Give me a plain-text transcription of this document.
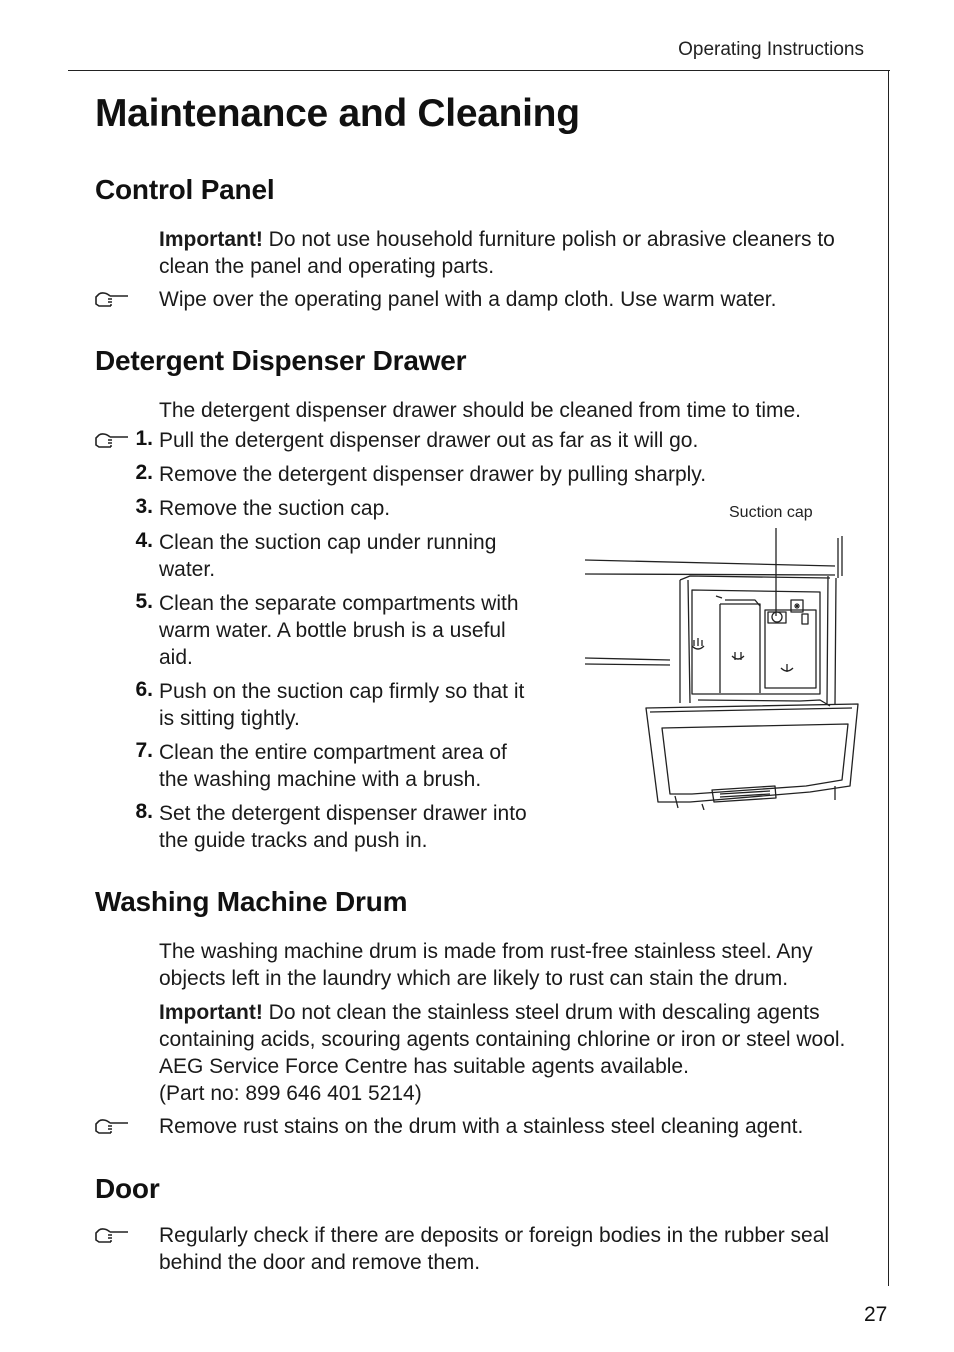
Operating Instructions
Maintenance and Cleaning
Control Panel
Important! Do not use household furniture polish or abrasive cleaners to clean the panel and operating parts.
Wipe over the operating panel with a damp cloth. Use warm water.
Detergent Dispenser Drawer
The detergent dispenser drawer should be cleaned from time to time.
1. Pull the detergent dispenser drawer out as far as it will go.
2. Remove the detergent dispenser drawer by pulling sharply.
3. Remove the suction cap.
4. Clean the suction cap under running water.
5. Clean the separate compartments with warm water. A bottle brush is a useful aid.
6. Push on the suction cap firmly so that it is sitting tightly.
7. Clean the entire compartment area of the washing machine with a brush.
8. Set the detergent dispenser drawer into the guide tracks and push in.
Suction cap
Washing Machine Drum
The washing machine drum is made from rust-free stainless steel. Any objects left in the laundry which are likely to rust can stain the drum.
Important! Do not clean the stainless steel drum with descaling agents containing acids, scouring agents containing chlorine or iron or steel wool. AEG Service Force Centre has suitable agents available.
(Part no: 899 646 401 5214)
Remove rust stains on the drum with a stainless steel cleaning agent.
Door
Regularly check if there are deposits or foreign bodies in the rubber seal behind the door and remove them.
27
